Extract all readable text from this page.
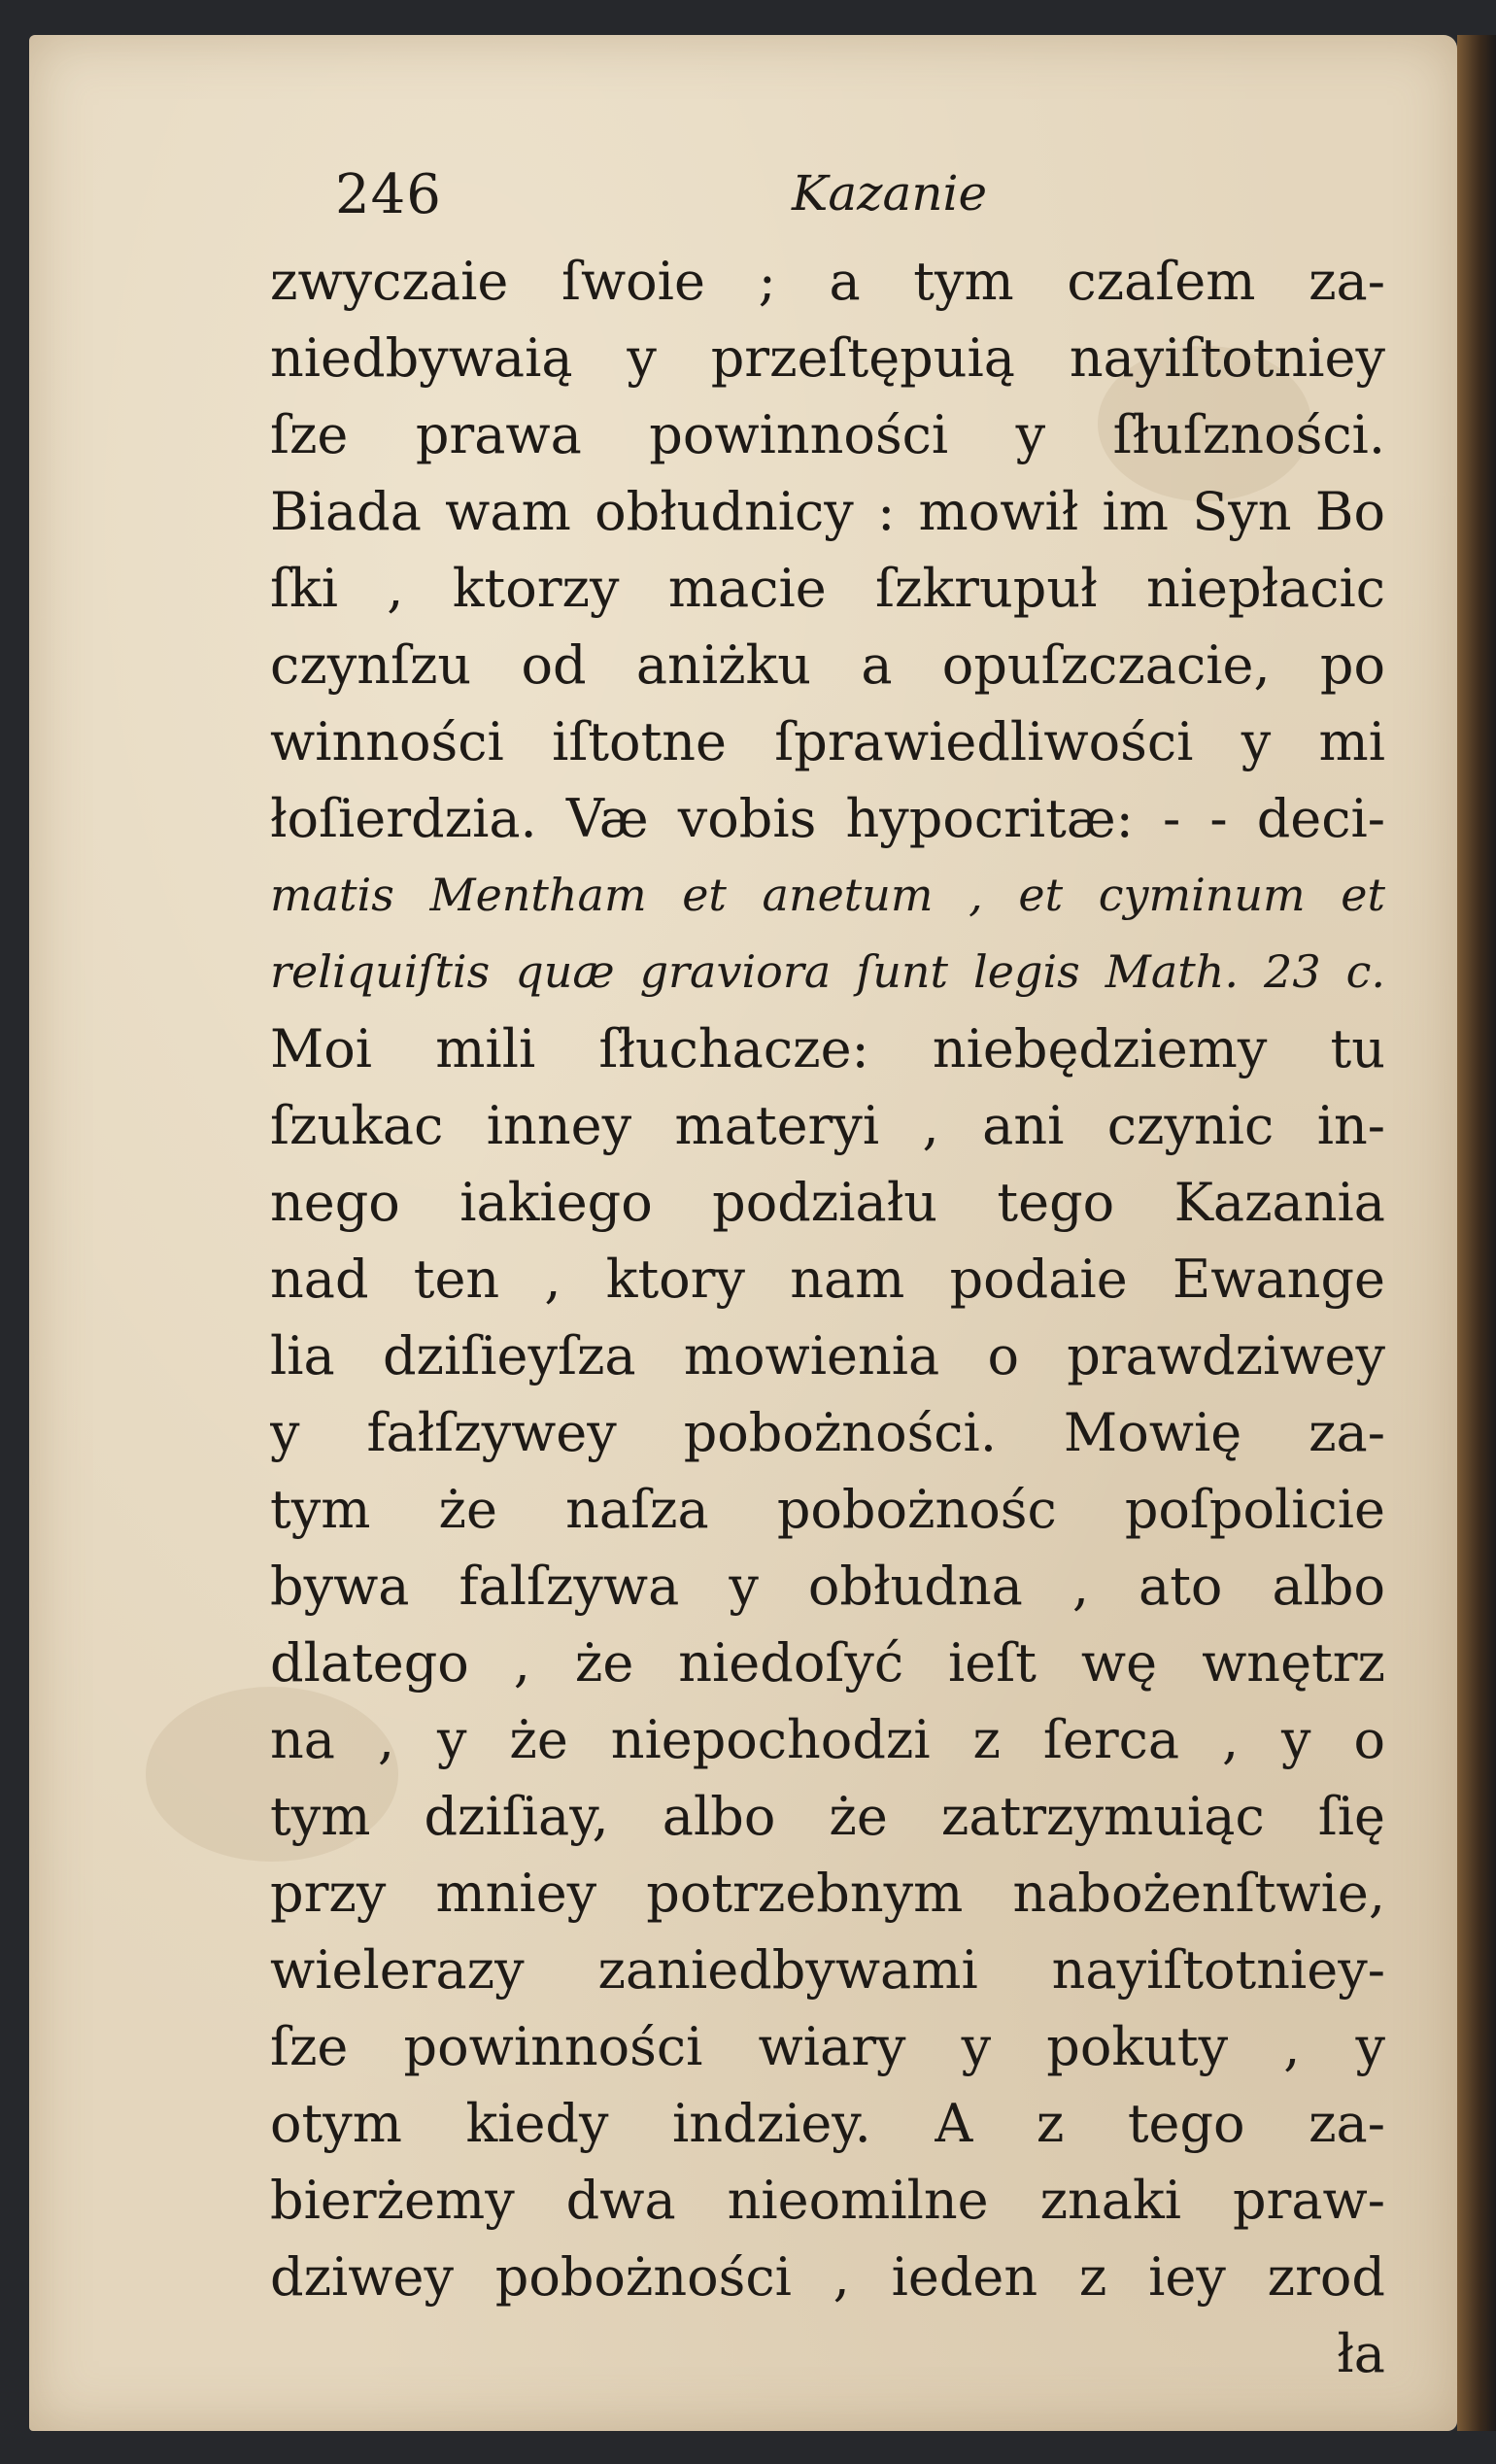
246	Kazanie
zwyczaie ſwoie ; a tym czaſem za-
niedbywaią y przeſtępuią nayiſtotniey
ſze prawa powinności y ſłuſzności.
Biada wam obłudnicy : mowił im Syn Bo
ſki , ktorzy macie ſzkrupuł niepłacic
czynſzu od aniżku a opuſzczacie, po
winności iſtotne ſprawiedliwości y mi
łoſierdzia. Væ vobis hypocritæ: - - deci-
matis Mentham et anetum , et cyminum et
reliquiſtis quæ graviora ſunt legis Math. 23 c.
Moi mili ſłuchacze: niebędziemy tu
ſzukac inney materyi , ani czynic in-
nego iakiego podziału tego Kazania
nad ten , ktory nam podaie Ewange
lia dziſieyſza mowienia o prawdziwey
y fałſzywey pobożności. Mowię za-
tym że naſza pobożnośc poſpolicie
bywa falſzywa y obłudna , ato albo
dlatego , że niedoſyć ieſt wę wnętrz
na , y że niepochodzi z ſerca , y o
tym dziſiay, albo że zatrzymuiąc ſię
przy mniey potrzebnym nabożenſtwie,
wielerazy zaniedbywami nayiſtotniey-
ſze powinności wiary y pokuty , y
otym kiedy indziey. A z tego za-
bierżemy dwa nieomilne znaki praw-
dziwey pobożności , ieden z iey zrod
ła
